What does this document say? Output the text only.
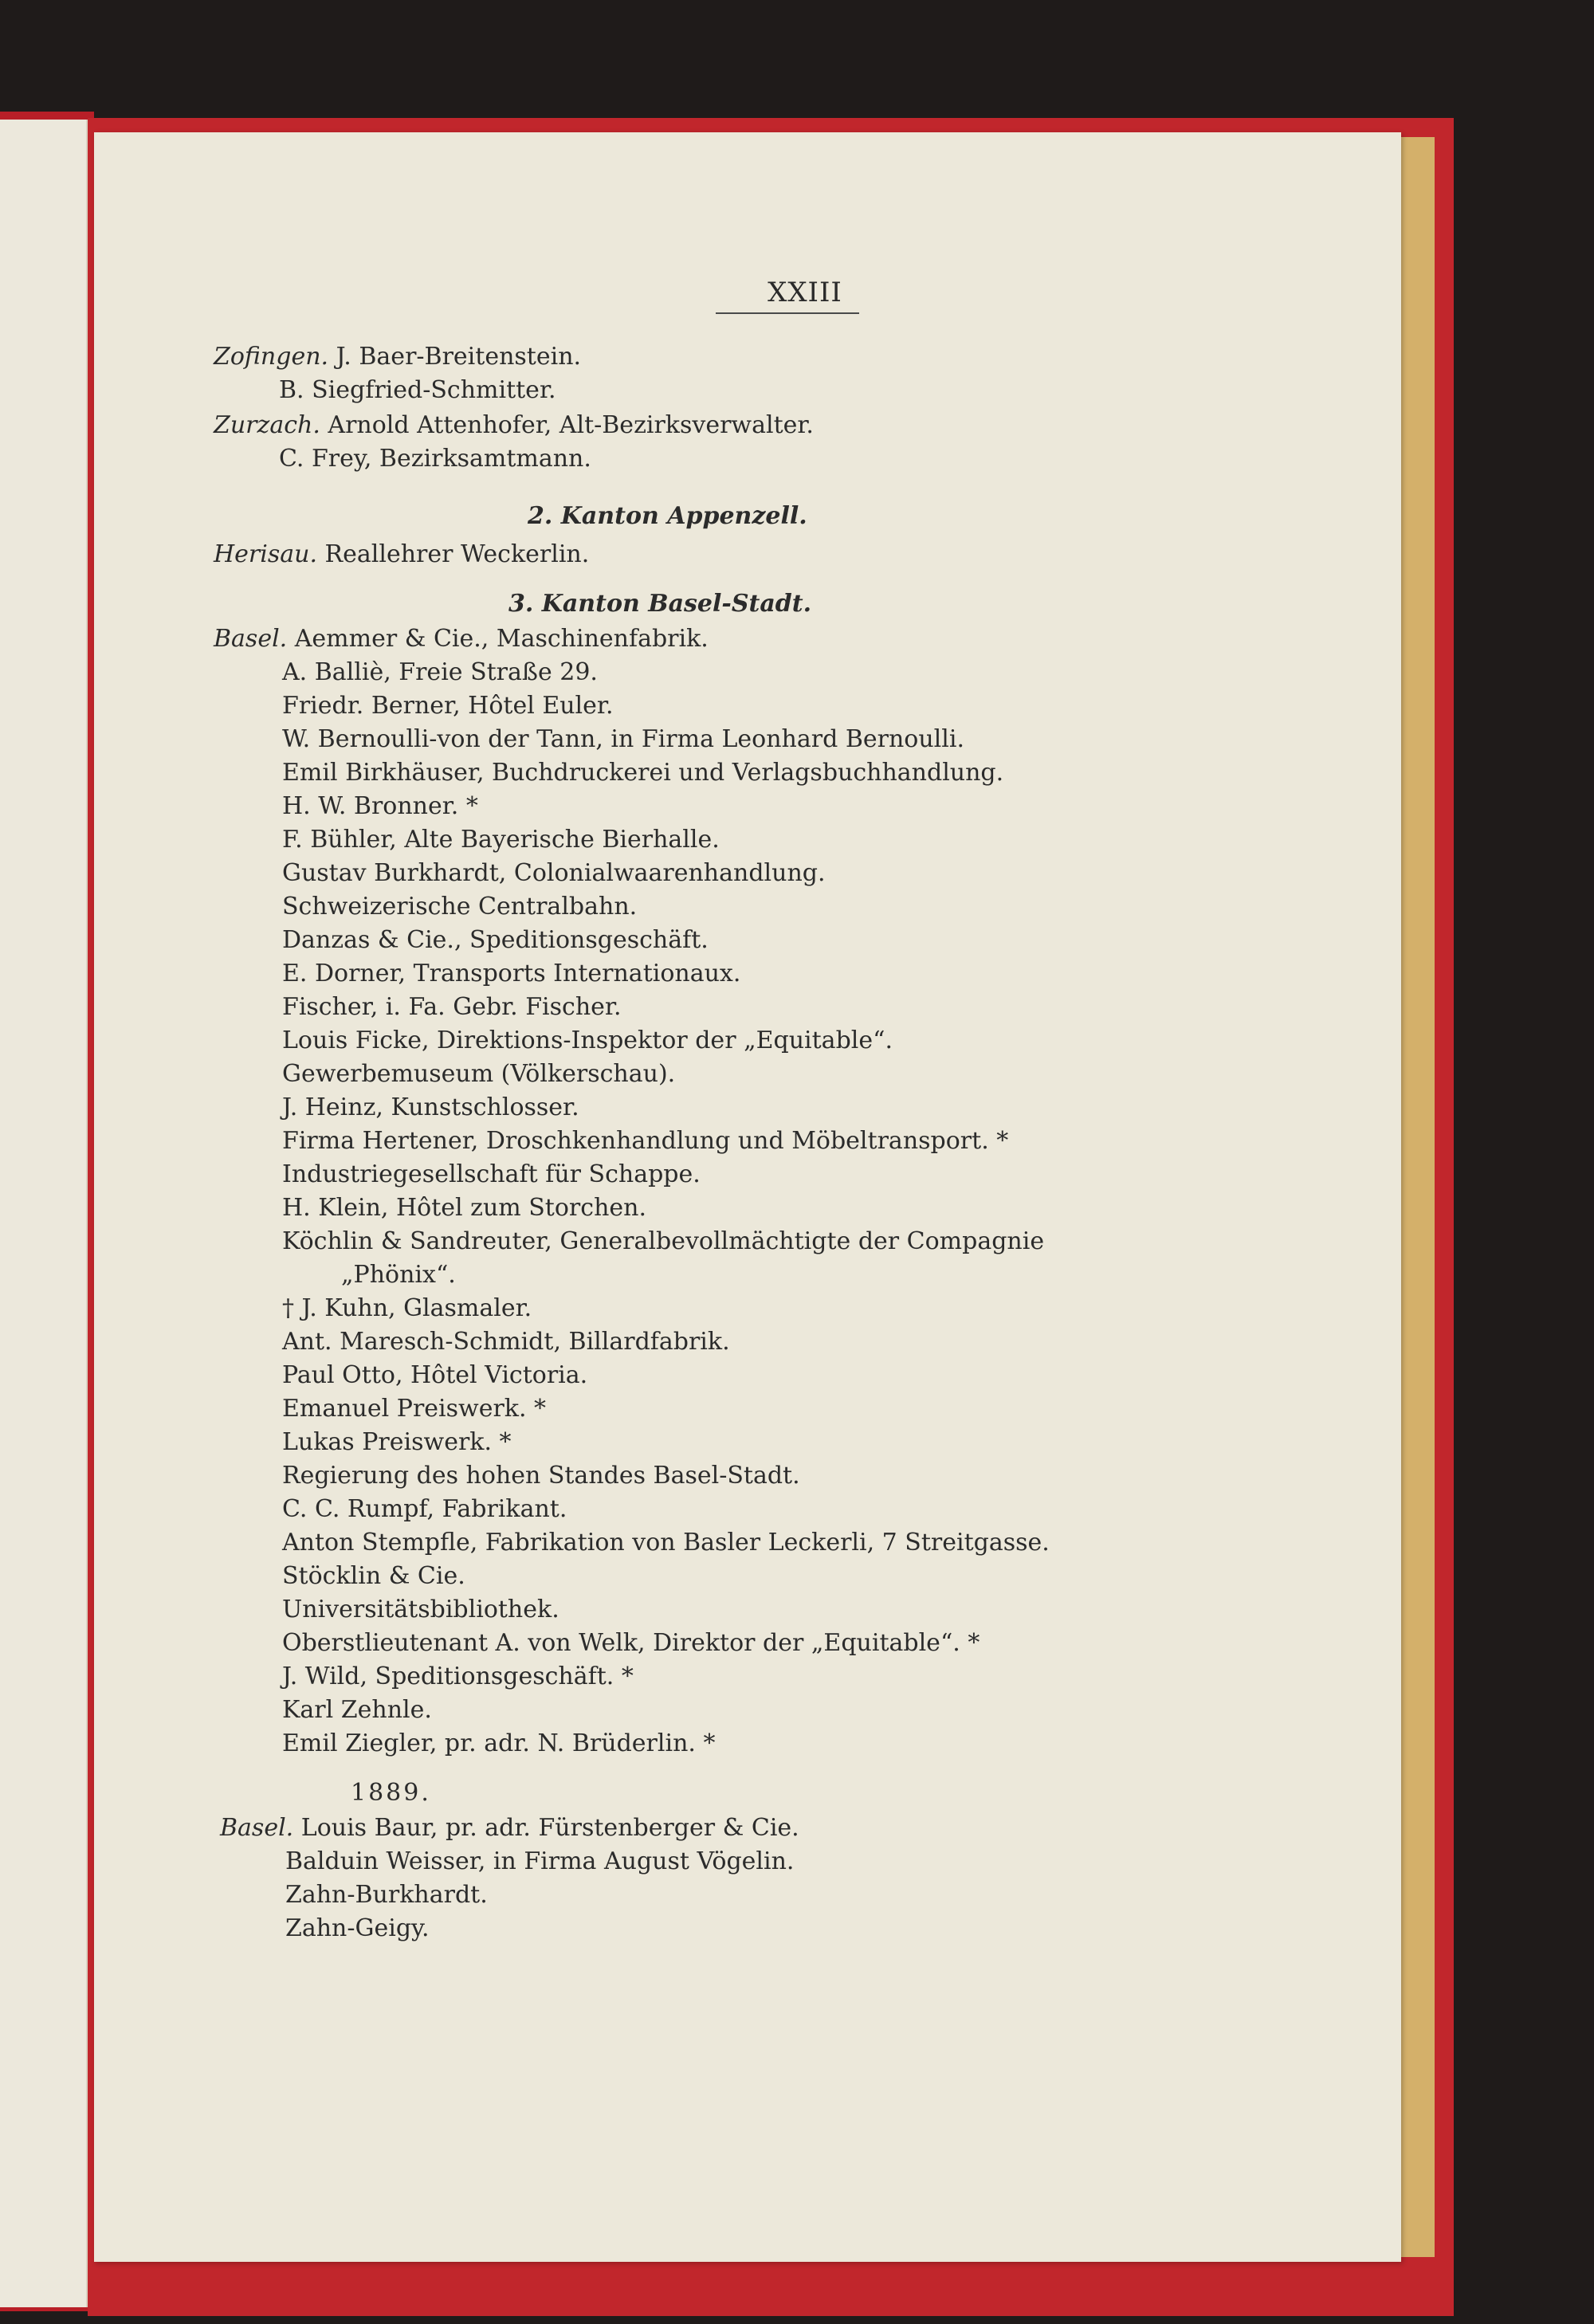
XXIII
Zofingen. J. Baer-Breitenstein.
B. Siegfried-Schmitter.
Zurzach. Arnold Attenhofer, Alt-Bezirksverwalter.
C. Frey, Bezirksamtmann.
2. Kanton Appenzell.
Herisau. Reallehrer Weckerlin.
3. Kanton Basel-Stadt.
Basel. Aemmer & Cie., Maschinenfabrik.
A. Balliè, Freie Straße 29.
Friedr. Berner, Hôtel Euler.
W. Bernoulli-von der Tann, in Firma Leonhard Bernoulli.
Emil Birkhäuser, Buchdruckerei und Verlagsbuchhandlung.
H. W. Bronner. *
F. Bühler, Alte Bayerische Bierhalle.
Gustav Burkhardt, Colonialwaarenhandlung.
Schweizerische Centralbahn.
Danzas & Cie., Speditionsgeschäft.
E. Dorner, Transports Internationaux.
Fischer, i. Fa. Gebr. Fischer.
Louis Ficke, Direktions-Inspektor der „Equitable“.
Gewerbemuseum (Völkerschau).
J. Heinz, Kunstschlosser.
Firma Hertener, Droschkenhandlung und Möbeltransport. *
Industriegesellschaft für Schappe.
H. Klein, Hôtel zum Storchen.
Köchlin & Sandreuter, Generalbevollmächtigte der Compagnie
„Phönix“.
† J. Kuhn, Glasmaler.
Ant. Maresch-Schmidt, Billardfabrik.
Paul Otto, Hôtel Victoria.
Emanuel Preiswerk. *
Lukas Preiswerk. *
Regierung des hohen Standes Basel-Stadt.
C. C. Rumpf, Fabrikant.
Anton Stempfle, Fabrikation von Basler Leckerli, 7 Streitgasse.
Stöcklin & Cie.
Universitätsbibliothek.
Oberstlieutenant A. von Welk, Direktor der „Equitable“. *
J. Wild, Speditionsgeschäft. *
Karl Zehnle.
Emil Ziegler, pr. adr. N. Brüderlin. *
1889.
Basel. Louis Baur, pr. adr. Fürstenberger & Cie.
Balduin Weisser, in Firma August Vögelin.
Zahn-Burkhardt.
Zahn-Geigy.
